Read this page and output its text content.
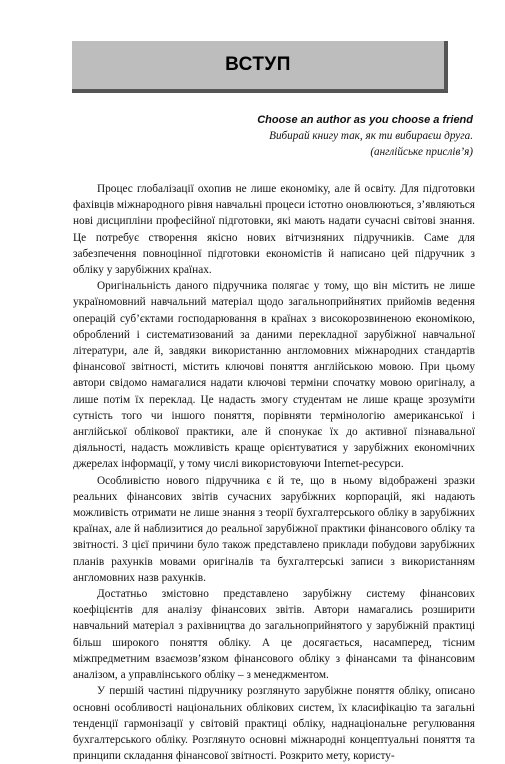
ВСТУП
Choose an author as you choose a friend
Вибирай книгу так, як ти вибираєш друга.
(англійське прислів’я)

Процес глобалізації охопив не лише економіку, але й освіту. Для підготовки фахівців міжнародного рівня навчальні процеси істотно оновлюються, з’являються нові дисципліни професійної підготовки, які мають надати сучасні світові знання. Це потребує створення якісно нових вітчизняних підручників. Саме для забезпечення повноцінної підготовки економістів й написано цей підручник з обліку у зарубіжних країнах.

Оригінальність даного підручника полягає у тому, що він містить не лише україномовний навчальний матеріал щодо загальноприйнятих прийомів ведення операцій суб’єктами господарювання в країнах з високорозвиненою економікою, оброблений і систематизований за даними перекладної зарубіжної навчальної літератури, але й, завдяки використанню англомовних міжнародних стандартів фінансової звітності, містить ключові поняття англійською мовою. При цьому автори свідомо намагалися надати ключові терміни спочатку мовою оригіналу, а лише потім їх переклад. Це надасть змогу студентам не лише краще зрозуміти сутність того чи іншого поняття, порівняти термінологію американської і англійської облікової практики, але й спонукає їх до активної пізнавальної діяльності, надасть можливість краще орієнтуватися у зарубіжних економічних джерелах інформації, у тому числі використовуючи Internet-ресурси.

Особливістю нового підручника є й те, що в ньому відображені зразки реальних фінансових звітів сучасних зарубіжних корпорацій, які надають можливість отримати не лише знання з теорії бухгалтерського обліку в зарубіжних країнах, але й наблизитися до реальної зарубіжної практики фінансового обліку та звітності. З цієї причини було також представлено приклади побудови зарубіжних планів рахунків мовами оригіналів та бухгалтерські записи з використанням англомовних назв рахунків.

Достатньо змістовно представлено зарубіжну систему фінансових коефіцієнтів для аналізу фінансових звітів. Автори намагались розширити навчальний матеріал з рахівництва до загальноприйнятого у зарубіжній практиці більш широкого поняття обліку. А це досягається, насамперед, тісним міжпредметним взаємозв’язком фінансового обліку з фінансами та фінансовим аналізом, а управлінського обліку – з менеджментом.

У першій частині підручнику розглянуто зарубіжне поняття обліку, описано основні особливості національних облікових систем, їх класифікацію та загальні тенденції гармонізації у світовій практиці обліку, наднаціональне регулювання бухгалтерського обліку. Розглянуто основні міжнародні концептуальні поняття та принципи складання фінансової звітності. Розкрито мету, користу-
